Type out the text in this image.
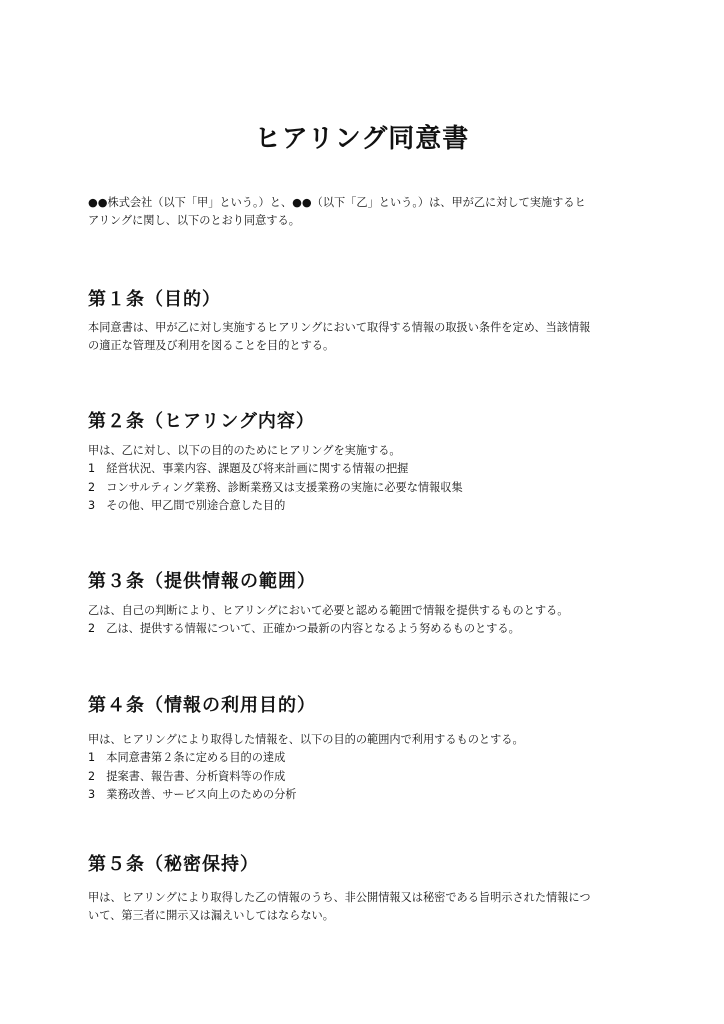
ヒアリング同意書
●●株式会社（以下「甲」という。）と、●●（以下「乙」という。）は、甲が乙に対して実施するヒ
アリングに関し、以下のとおり同意する。
第１条（目的）
本同意書は、甲が乙に対し実施するヒアリングにおいて取得する情報の取扱い条件を定め、当該情報
の適正な管理及び利用を図ることを目的とする。
第２条（ヒアリング内容）
甲は、乙に対し、以下の目的のためにヒアリングを実施する。
1　経営状況、事業内容、課題及び将来計画に関する情報の把握
2　コンサルティング業務、診断業務又は支援業務の実施に必要な情報収集
3　その他、甲乙間で別途合意した目的
第３条（提供情報の範囲）
乙は、自己の判断により、ヒアリングにおいて必要と認める範囲で情報を提供するものとする。
2　乙は、提供する情報について、正確かつ最新の内容となるよう努めるものとする。
第４条（情報の利用目的）
甲は、ヒアリングにより取得した情報を、以下の目的の範囲内で利用するものとする。
1　本同意書第２条に定める目的の達成
2　提案書、報告書、分析資料等の作成
3　業務改善、サービス向上のための分析
第５条（秘密保持）
甲は、ヒアリングにより取得した乙の情報のうち、非公開情報又は秘密である旨明示された情報につ
いて、第三者に開示又は漏えいしてはならない。
